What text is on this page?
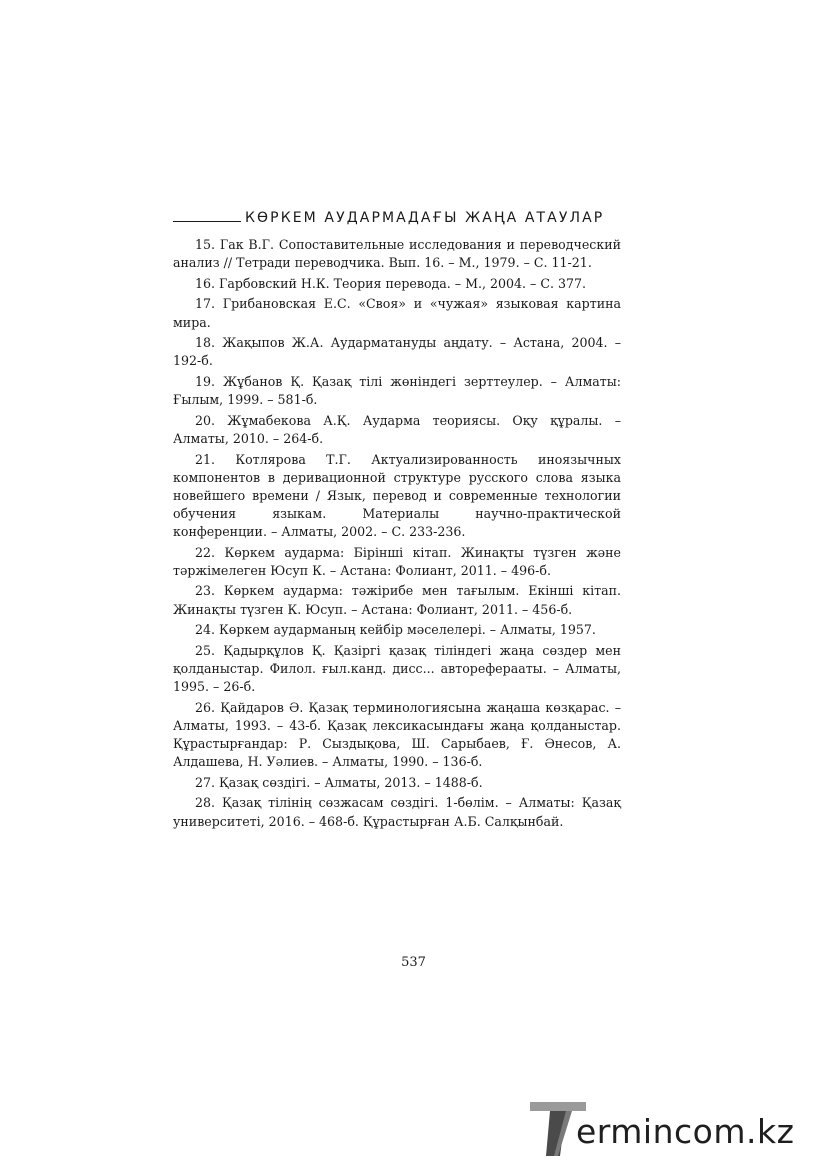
КӨРКЕМ АУДАРМАДАҒЫ ЖАҢА АТАУЛАР

15. Гак В.Г. Сопоставительные исследования и переводческий анализ // Тетради переводчика. Вып. 16. – М., 1979. – С. 11-21.

16. Гарбовский Н.К. Теория перевода. – М., 2004. – С. 377.

17. Грибановская Е.С. «Своя» и «чужая» языковая картина мира.

18. Жақыпов Ж.А. Аударматануды аңдату. – Астана, 2004. – 192-б.

19. Жұбанов Қ. Қазақ тілі жөніндегі зерттеулер. – Алматы: Ғылым, 1999. – 581-б.

20. Жұмабекова А.Қ. Аударма теориясы. Оқу құралы. – Алматы, 2010. – 264-б.

21. Котлярова Т.Г. Актуализированность иноязычных компонентов в деривационной структуре русского слова языка новейшего времени / Язык, перевод и современные технологии обучения языкам. Материалы научно-практической конференции. – Алматы, 2002. – С. 233-236.

22. Көркем аударма: Бірінші кітап. Жинақты түзген және тәржімелеген Юсуп К. – Астана: Фолиант, 2011. – 496-б.

23. Көркем аударма: тәжірибе мен тағылым. Екінші кітап. Жинақты түзген К. Юсуп. – Астана: Фолиант, 2011. – 456-б.

24. Көркем аударманың кейбір мәселелері. – Алматы, 1957.

25. Қадырқұлов Қ. Қазіргі қазақ тіліндегі жаңа сөздер мен қолданыстар. Филол. ғыл.канд. дисс... автореферааты. – Алматы, 1995. – 26-б.

26. Қайдаров Ә. Қазақ терминологиясына жаңаша көзқарас. – Алматы, 1993. – 43-б. Қазақ лексикасындағы жаңа қолданыстар. Құрастырғандар: Р. Сыздықова, Ш. Сарыбаев, Ғ. Әнесов, А. Алдашева, Н. Уәлиев. – Алматы, 1990. – 136-б.

27. Қазақ сөздігі. – Алматы, 2013. – 1488-б.

28. Қазақ тілінің сөзжасам сөздігі. 1-бөлім. – Алматы: Қазақ университеті, 2016. – 468-б. Құрастырған А.Б. Салқынбай.

537
ermincom.kz
